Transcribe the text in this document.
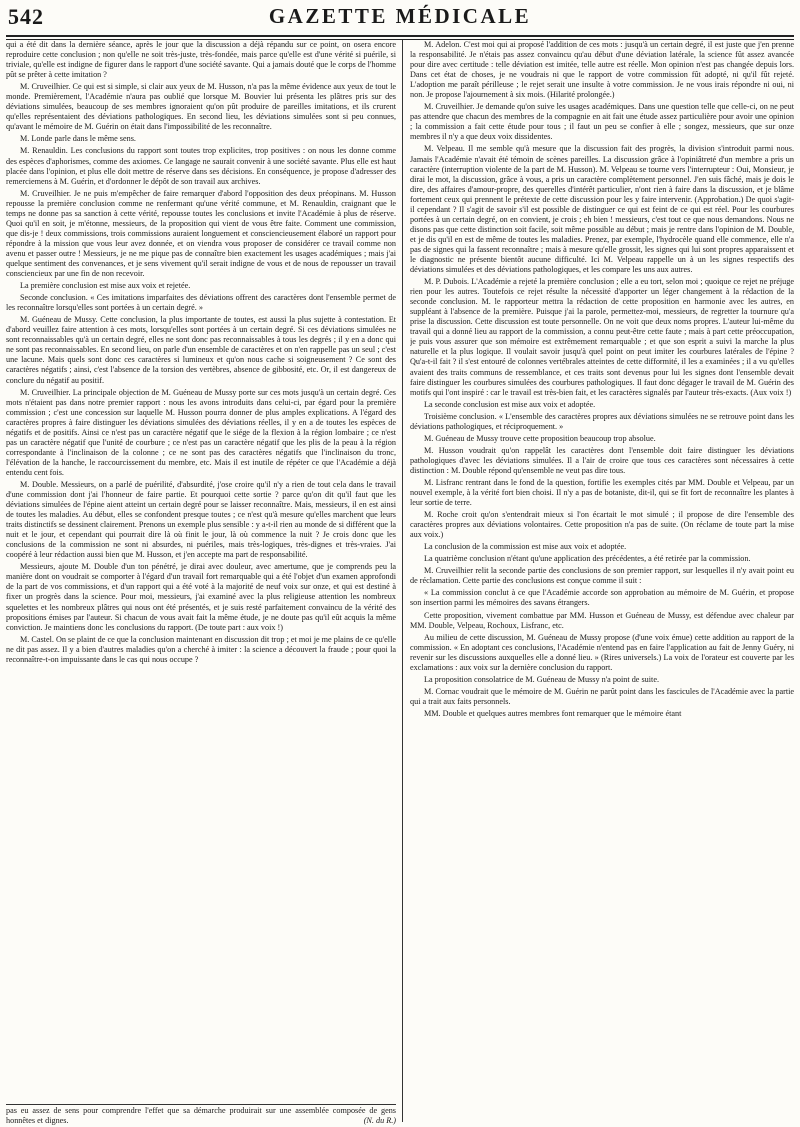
542	GAZETTE MÉDICALE

qui a été dit dans la dernière séance, après le jour que la discussion a déjà répandu sur ce point, on osera encore reproduire cette conclusion ; non qu'elle ne soit très-juste, très-fondée, mais parce qu'elle est d'une vérité si puérile, si triviale, qu'elle est indigne de figurer dans le rapport d'une société savante. Qui a jamais douté que le corps de l'homme pût se prêter à cette imitation ?

M. Cruveilhier. Ce qui est si simple, si clair aux yeux de M. Husson, n'a pas la même évidence aux yeux de tout le monde. Premièrement, l'Académie n'aura pas oublié que lorsque M. Bouvier lui présenta les plâtres pris sur des déviations simulées, beaucoup de ses membres ignoraient qu'on pût produire de pareilles imitations, et ils crurent qu'elles représentaient des déviations pathologiques. En second lieu, les déviations simulées sont si peu connues, qu'avant le mémoire de M. Guérin on était dans l'impossibilité de les reconnaître.

M. Londe parle dans le même sens.

M. Renauldin. Les conclusions du rapport sont toutes trop explicites, trop positives : on nous les donne comme des espèces d'aphorismes, comme des axiomes. Ce langage ne saurait convenir à une société savante. Plus elle est haut placée dans l'opinion, et plus elle doit mettre de réserve dans ses décisions. En conséquence, je propose d'adresser des remerciemens à M. Guérin, et d'ordonner le dépôt de son travail aux archives.

M. Cruveilhier. Je ne puis m'empêcher de faire remarquer d'abord l'opposition des deux préopinans. M. Husson repousse la première conclusion comme ne renfermant qu'une vérité commune, et M. Renauldin, craignant que le temps ne donne pas sa sanction à cette vérité, repousse toutes les conclusions et invite l'Académie à plus de réserve. Quoi qu'il en soit, je m'étonne, messieurs, de la proposition qui vient de vous être faite. Comment une commission, que dis-je ! deux commissions, trois commissions auraient longuement et consciencieusement élaboré un rapport pour répondre à la mission que vous leur avez donnée, et on viendra vous proposer de considérer ce travail comme non avenu et passer outre ! Messieurs, je ne me pique pas de connaître bien exactement les usages académiques ; mais j'ai quelque sentiment des convenances, et je sens vivement qu'il serait indigne de vous et de nous de repousser un travail consciencieux par une fin de non recevoir.

La première conclusion est mise aux voix et rejetée.

Seconde conclusion. « Ces imitations imparfaites des déviations offrent des caractères dont l'ensemble permet de les reconnaître lorsqu'elles sont portées à un certain degré. »

M. Guéneau de Mussy. Cette conclusion, la plus importante de toutes, est aussi la plus sujette à contestation. Et d'abord veuillez faire attention à ces mots, lorsqu'elles sont portées à un certain degré. Si ces déviations simulées ne sont reconnaissables qu'à un certain degré, elles ne sont donc pas reconnaissables à tous les degrés ; il y en a donc qui ne sont pas reconnaissables. En second lieu, on parle d'un ensemble de caractères et on n'en rappelle pas un seul ; c'est une lacune. Mais quels sont donc ces caractères si lumineux et qu'on nous cache si soigneusement ? Ce sont des caractères négatifs ; ainsi, c'est l'absence de la torsion des vertèbres, absence de gibbosité, etc. Or, il est dangereux de conclure du négatif au positif.

M. Cruveilhier. La principale objection de M. Guéneau de Mussy porte sur ces mots jusqu'à un certain degré. Ces mots n'étaient pas dans notre premier rapport : nous les avons introduits dans celui-ci, par égard pour la première commission ; c'est une concession sur laquelle M. Husson pourra donner de plus amples explications. A l'égard des caractères propres à faire distinguer les déviations simulées des déviations réelles, il y en a de toutes les espèces de négatifs et de positifs. Ainsi ce n'est pas un caractère négatif que le siége de la flexion à la région lombaire ; ce n'est pas un caractère négatif que l'unité de courbure ; ce n'est pas un caractère négatif que les plis de la peau à la région correspondante à l'inclinaison de la colonne ; ce ne sont pas des caractères négatifs que l'inclinaison du tronc, l'élévation de la hanche, le raccourcissement du membre, etc. Mais il est inutile de répéter ce que l'Académie a déjà entendu cent fois.

M. Double. Messieurs, on a parlé de puérilité, d'absurdité, j'ose croire qu'il n'y a rien de tout cela dans le travail d'une commission dont j'ai l'honneur de faire partie. Et pourquoi cette sortie ? parce qu'on dit qu'il faut que les déviations simulées de l'épine aient atteint un certain degré pour se laisser reconnaître. Mais, messieurs, il en est ainsi de toutes les maladies. Au début, elles se confondent presque toutes ; ce n'est qu'à mesure qu'elles marchent que leurs traits distinctifs se dessinent clairement. Prenons un exemple plus sensible : y a-t-il rien au monde de si différent que la nuit et le jour, et cependant qui pourrait dire là où finit le jour, là où commence la nuit ? Je crois donc que les conclusions de la commission ne sont ni absurdes, ni puériles, mais très-logiques, très-dignes et très-vraies. J'ai coopéré à leur rédaction aussi bien que M. Husson, et j'en accepte ma part de responsabilité.

Messieurs, ajoute M. Double d'un ton pénétré, je dirai avec douleur, avec amertume, que je comprends peu la manière dont on voudrait se comporter à l'égard d'un travail fort remarquable qui a été l'objet d'un examen approfondi de la part de vos commissions, et d'un rapport qui a été voté à la majorité de neuf voix sur onze, et qui est destiné à fixer un progrès dans la science. Pour moi, messieurs, j'ai examiné avec la plus religieuse attention les nombreux squelettes et les nombreux plâtres qui nous ont été présentés, et je suis resté parfaitement convaincu de la vérité des propositions émises par l'auteur. Si chacun de vous avait fait la même étude, je ne doute pas qu'il eût acquis la même conviction. Je maintiens donc les conclusions du rapport. (De toute part : aux voix !)

M. Castel. On se plaint de ce que la conclusion maintenant en discussion dit trop ; et moi je me plains de ce qu'elle ne dit pas assez. Il y a bien d'autres maladies qu'on a cherché à imiter : la science a découvert la fraude ; pour quoi la reconnaître-t-on impuissante dans le cas qui nous occupe ?

M. Adelon. C'est moi qui ai proposé l'addition de ces mots : jusqu'à un certain degré, il est juste que j'en prenne la responsabilité. Je n'étais pas assez convaincu qu'au début d'une déviation latérale, la science fût assez avancée pour dire avec certitude : telle déviation est imitée, telle autre est réelle. Mon opinion n'est pas changée depuis lors. Dans cet état de choses, je ne voudrais ni que le rapport de votre commission fût adopté, ni qu'il fût rejeté. L'adoption me paraît périlleuse ; le rejet serait une insulte à votre commission. Je ne vous irais répondre ni oui, ni non. Je propose l'ajournement à six mois. (Hilarité prolongée.)

M. Cruveilhier. Je demande qu'on suive les usages académiques. Dans une question telle que celle-ci, on ne peut pas attendre que chacun des membres de la compagnie en ait fait une étude assez particulière pour avoir une opinion ; la commission a fait cette étude pour tous ; il faut un peu se confier à elle ; songez, messieurs, que sur onze membres il n'y a que deux voix dissidentes.

M. Velpeau. Il me semble qu'à mesure que la discussion fait des progrès, la division s'introduit parmi nous. Jamais l'Académie n'avait été témoin de scènes pareilles. La discussion grâce à l'opiniâtreté d'un membre a pris un caractère (interruption violente de la part de M. Husson). M. Velpeau se tourne vers l'interrupteur : Oui, Monsieur, je dirai le mot, la discussion, grâce à vous, a pris un caractère complètement personnel. J'en suis fâché, mais je dois le dire, des affaires d'amour-propre, des querelles d'intérêt particulier, n'ont rien à faire dans la discussion, et je blâme fortement ceux qui prennent le prétexte de cette discussion pour les y faire intervenir. (Approbation.) De quoi s'agit-il cependant ? Il s'agit de savoir s'il est possible de distinguer ce qui est feint de ce qui est réel. Pour les courbures portées à un certain degré, on en convient, je crois ; eh bien ! messieurs, c'est tout ce que nous demandons. Nous ne disons pas que cette distinction soit facile, soit même possible au début ; mais je rentre dans l'opinion de M. Double, et je dis qu'il en est de même de toutes les maladies. Prenez, par exemple, l'hydrocèle quand elle commence, elle n'a pas de signes qui la fassent reconnaître ; mais à mesure qu'elle grossit, les signes qui lui sont propres apparaissent et le diagnostic ne présente bientôt aucune difficulté. Ici M. Velpeau rappelle un à un les signes respectifs des déviations simulées et des déviations pathologiques, et les compare les uns aux autres.

M. P. Dubois. L'Académie a rejeté la première conclusion ; elle a eu tort, selon moi ; quoique ce rejet ne préjuge rien pour les autres. Toutefois ce rejet résulte la nécessité d'apporter un léger changement à la rédaction de la seconde conclusion. M. le rapporteur mettra la rédaction de cette proposition en harmonie avec les autres, en suppléant à l'absence de la première. Puisque j'ai la parole, permettez-moi, messieurs, de regretter la tournure qu'a prise la discussion. Cette discussion est toute personnelle. On ne voit que deux noms propres. L'auteur lui-même du travail qui a donné lieu au rapport de la commission, a connu peut-être cette faute ; mais à part cette préoccupation, je puis vous assurer que son mémoire est extrêmement remarquable ; et que son esprit a suivi la marche la plus naturelle et la plus logique. Il voulait savoir jusqu'à quel point on peut imiter les courbures latérales de l'épine ? Qu'a-t-il fait ? il s'est entouré de colonnes vertébrales atteintes de cette difformité, il les a examinées ; il a vu qu'elles avaient des traits communs de ressemblance, et ces traits sont devenus pour lui les signes dont l'ensemble devait faire distinguer les courbures simulées des courbures pathologiques. Il faut donc dégager le travail de M. Guérin des motifs qui l'ont inspiré : car le travail est très-bien fait, et les caractères signalés par l'auteur très-exacts. (Aux voix !)

La seconde conclusion est mise aux voix et adoptée.

Troisième conclusion. « L'ensemble des caractères propres aux déviations simulées ne se retrouve point dans les déviations pathologiques, et réciproquement. »

M. Guéneau de Mussy trouve cette proposition beaucoup trop absolue.

M. Husson voudrait qu'on rappelât les caractères dont l'ensemble doit faire distinguer les déviations pathologiques d'avec les déviations simulées. Il a l'air de croire que tous ces caractères sont nécessaires à cette distinction : M. Double répond qu'ensemble ne veut pas dire tous.

M. Lisfranc rentrant dans le fond de la question, fortifie les exemples cités par MM. Double et Velpeau, par un nouvel exemple, à la vérité fort bien choisi. Il n'y a pas de botaniste, dit-il, qui se fit fort de reconnaître les plantes à leur sortie de terre.

M. Roche croit qu'on s'entendrait mieux si l'on écartait le mot simulé ; il propose de dire l'ensemble des caractères propres aux déviations volontaires. Cette proposition n'a pas de suite. (On réclame de toute part la mise aux voix.)

La conclusion de la commission est mise aux voix et adoptée.

La quatrième conclusion n'étant qu'une application des précédentes, a été retirée par la commission.

M. Cruveilhier relit la seconde partie des conclusions de son premier rapport, sur lesquelles il n'y avait point eu de réclamation. Cette partie des conclusions est conçue comme il suit :

« La commission conclut à ce que l'Académie accorde son approbation au mémoire de M. Guérin, et propose son insertion parmi les mémoires des savans étrangers.

Cette proposition, vivement combattue par MM. Husson et Guéneau de Mussy, est défendue avec chaleur par MM. Double, Velpeau, Rochoux, Lisfranc, etc.

Au milieu de cette discussion, M. Guéneau de Mussy propose (d'une voix émue) cette addition au rapport de la commission. « En adoptant ces conclusions, l'Académie n'entend pas en faire l'application au fait de Jenny Guéry, ni revenir sur les discussions auxquelles elle a donné lieu. » (Rires universels.) La voix de l'orateur est couverte par les exclamations : aux voix sur la dernière conclusion du rapport.

La proposition consolatrice de M. Guéneau de Mussy n'a point de suite.

M. Cornac voudrait que le mémoire de M. Guérin ne parût point dans les fascicules de l'Académie avec la partie qui a trait aux faits personnels.

MM. Double et quelques autres membres font remarquer que le mémoire étant

pas eu assez de sens pour comprendre l'effet que sa démarche produirait sur une assemblée composée de gens honnêtes et dignes.	(N. du R.)
